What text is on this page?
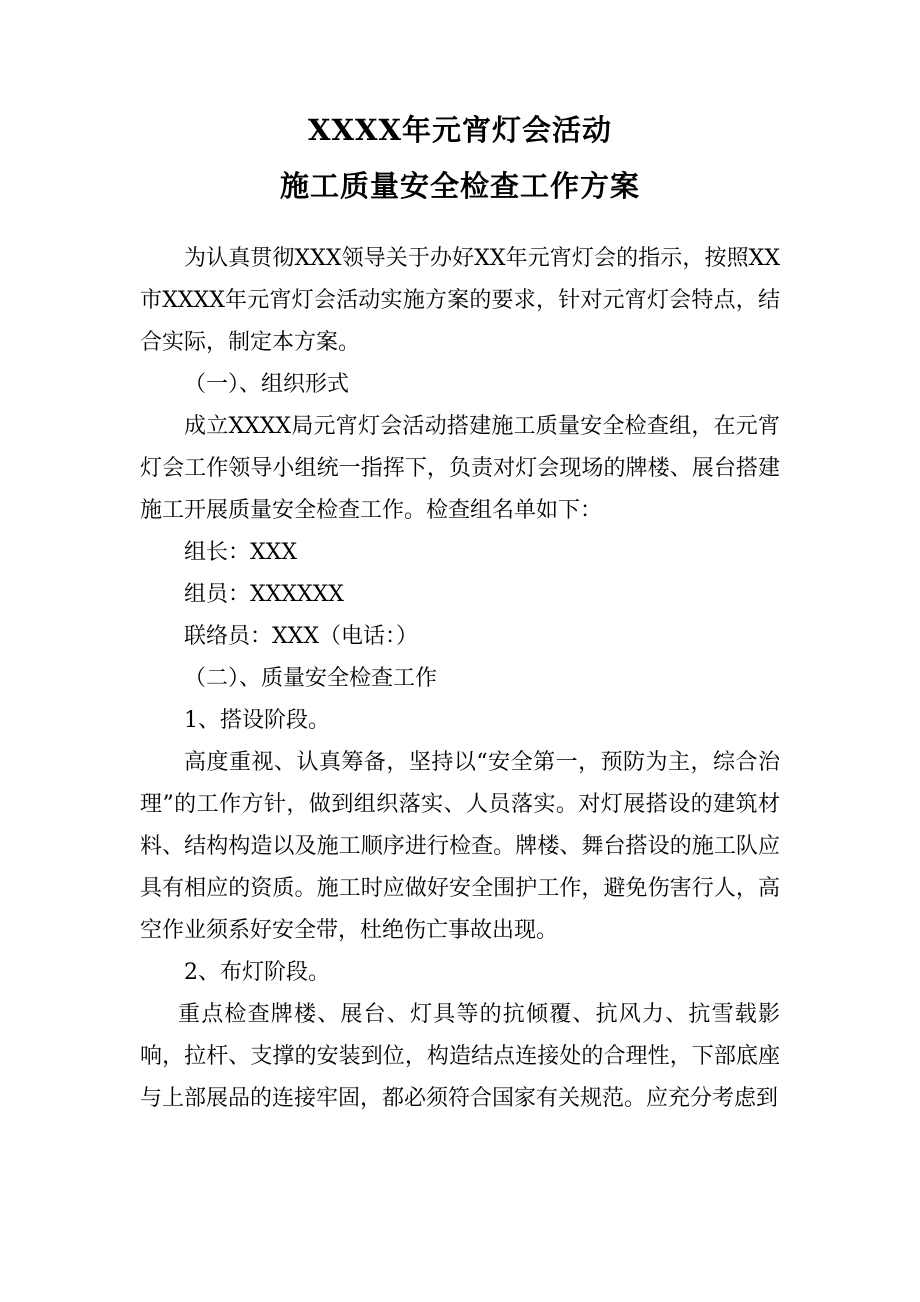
XXXX年元宵灯会活动
施工质量安全检查工作方案

为认真贯彻XXX领导关于办好XX年元宵灯会的指示，按照XX市XXXX年元宵灯会活动实施方案的要求，针对元宵灯会特点，结合实际，制定本方案。

（一）、组织形式

成立XXXX局元宵灯会活动搭建施工质量安全检查组，在元宵灯会工作领导小组统一指挥下，负责对灯会现场的牌楼、展台搭建施工开展质量安全检查工作。检查组名单如下：

组长：XXX

组员：XXXXXX

联络员：XXX（电话：）

（二）、质量安全检查工作

1、搭设阶段。

高度重视、认真筹备，坚持以“安全第一，预防为主，综合治理”的工作方针，做到组织落实、人员落实。对灯展搭设的建筑材料、结构构造以及施工顺序进行检查。牌楼、舞台搭设的施工队应具有相应的资质。施工时应做好安全围护工作，避免伤害行人，高空作业须系好安全带，杜绝伤亡事故出现。

2、布灯阶段。

重点检查牌楼、展台、灯具等的抗倾覆、抗风力、抗雪载影响，拉杆、支撑的安装到位，构造结点连接处的合理性，下部底座与上部展品的连接牢固，都必须符合国家有关规范。应充分考虑到
